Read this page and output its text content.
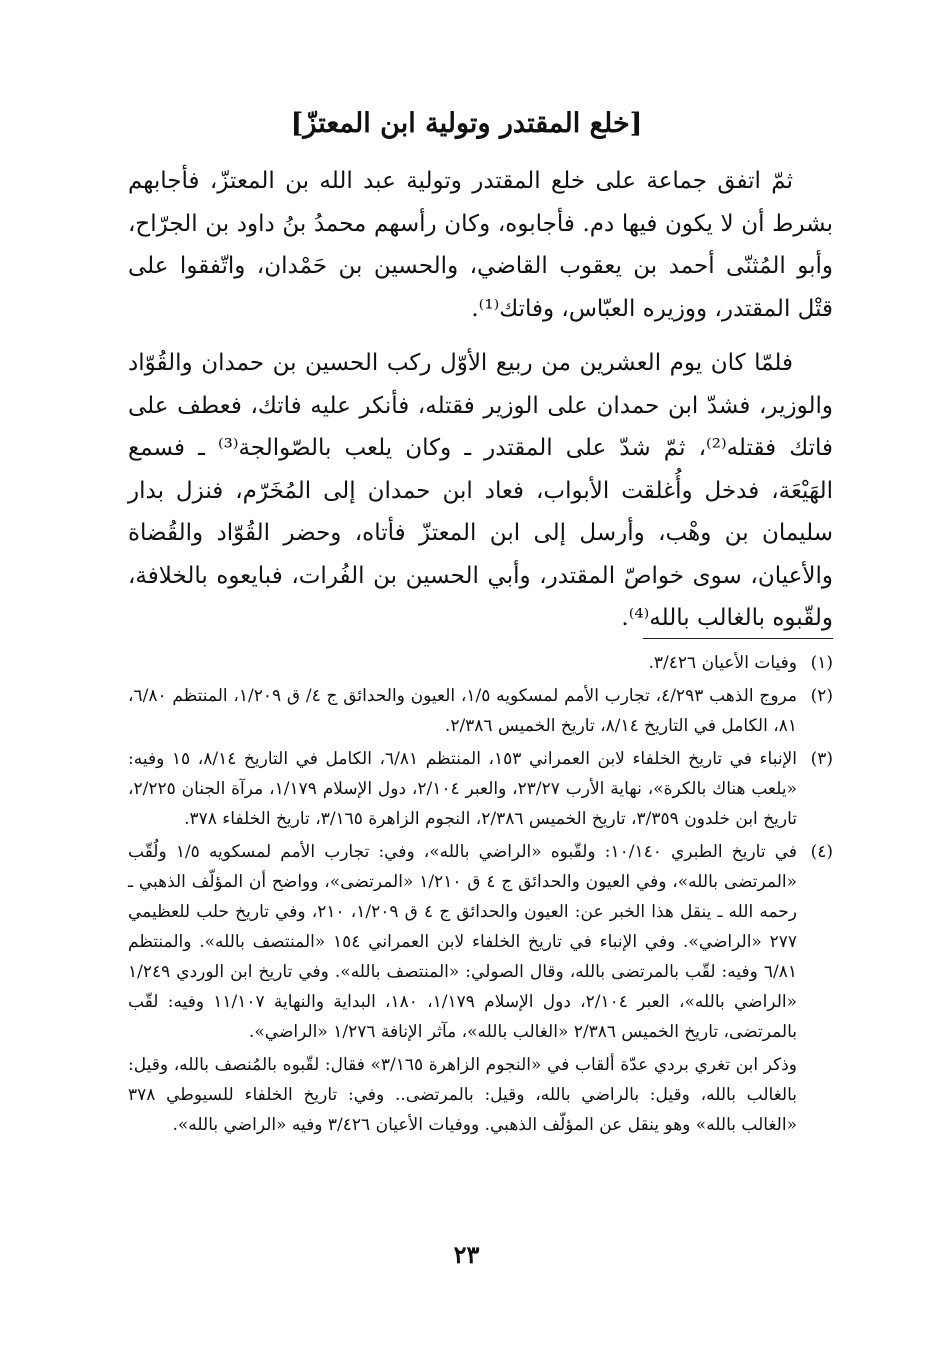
[خلع المقتدر وتولية ابن المعتزّ]

ثمّ اتفق جماعة على خلع المقتدر وتولية عبد الله بن المعتزّ، فأجابهم بشرط أن لا يكون فيها دم. فأجابوه، وكان رأسهم محمدُ بنُ داود بن الجرّاح، وأبو المُثنّى أحمد بن يعقوب القاضي، والحسين بن حَمْدان، واتّفقوا على قتْل المقتدر، ووزيره العبّاس، وفاتك⁽¹⁾.

فلمّا كان يوم العشرين من ربيع الأوّل ركب الحسين بن حمدان والقُوّاد والوزير، فشدّ ابن حمدان على الوزير فقتله، فأنكر عليه فاتك، فعطف على فاتك فقتله⁽²⁾، ثمّ شدّ على المقتدر ـ وكان يلعب بالصّوالجة⁽³⁾ ـ فسمع الهَيْعَة، فدخل وأُغلقت الأبواب، فعاد ابن حمدان إلى المُخَرّم، فنزل بدار سليمان بن وهْب، وأرسل إلى ابن المعتزّ فأتاه، وحضر القُوّاد والقُضاة والأعيان، سوى خواصّ المقتدر، وأبي الحسين بن الفُرات، فبايعوه بالخلافة، ولقّبوه بالغالب بالله⁽⁴⁾.

(١)
وفيات الأعيان ٣/٤٢٦.
(٢)
مروج الذهب ٤/٢٩٣، تجارب الأمم لمسكويه ١/٥، العيون والحدائق ج ٤/ ق ١/٢٠٩، المنتظم ٦/٨٠، ٨١، الكامل في التاريخ ٨/١٤، تاريخ الخميس ٢/٣٨٦.
(٣)
الإنباء في تاريخ الخلفاء لابن العمراني ١٥٣، المنتظم ٦/٨١، الكامل في التاريخ ٨/١٤، ١٥ وفيه: «يلعب هناك بالكرة»، نهاية الأرب ٢٣/٢٧، والعبر ٢/١٠٤، دول الإسلام ١/١٧٩، مرآة الجنان ٢/٢٢٥، تاريخ ابن خلدون ٣/٣٥٩، تاريخ الخميس ٢/٣٨٦، النجوم الزاهرة ٣/١٦٥، تاريخ الخلفاء ٣٧٨.
(٤)
في تاريخ الطبري ١٠/١٤٠: ولقّبوه «الراضي بالله»، وفي: تجارب الأمم لمسكويه ١/٥ ولُقّب «المرتضى بالله»، وفي العيون والحدائق ج ٤ ق ١/٢١٠ «المرتضى»، وواضح أن المؤلّف الذهبي ـ رحمه الله ـ ينقل هذا الخبر عن: العيون والحدائق ج ٤ ق ١/٢٠٩، ٢١٠، وفي تاريخ حلب للعظيمي ٢٧٧ «الراضي». وفي الإنباء في تاريخ الخلفاء لابن العمراني ١٥٤ «المنتصف بالله». والمنتظم ٦/٨١ وفيه: لقّب بالمرتضى بالله، وقال الصولي: «المنتصف بالله». وفي تاريخ ابن الوردي ١/٢٤٩ «الراضي بالله»، العبر ٢/١٠٤، دول الإسلام ١/١٧٩، ١٨٠، البداية والنهاية ١١/١٠٧ وفيه: لقّب بالمرتضى، تاريخ الخميس ٢/٣٨٦ «الغالب بالله»، مآثر الإنافة ١/٢٧٦ «الراضي».
وذكر ابن تغري بردي عدّة ألقاب في «النجوم الزاهرة ٣/١٦٥» فقال: لقّبوه بالمُنصف بالله، وقيل: بالغالب بالله، وقيل: بالراضي بالله، وقيل: بالمرتضى.. وفي: تاريخ الخلفاء للسيوطي ٣٧٨ «الغالب بالله» وهو ينقل عن المؤلّف الذهبي. ووفيات الأعيان ٣/٤٢٦ وفيه «الراضي بالله».
٢٣
